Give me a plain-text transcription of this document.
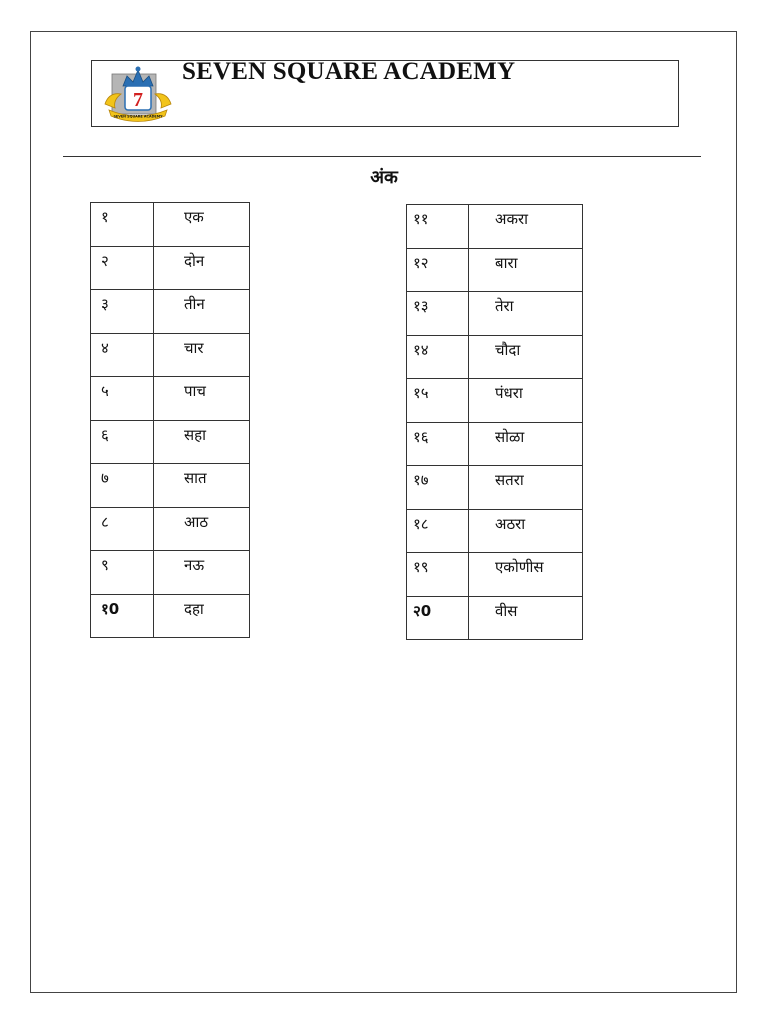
7
SEVEN SQUARE ACADEMY
SEVEN SQUARE ACADEMY
अंक
१	एक
२	दोन
३	तीन
४	चार
५	पाच
६	सहा
७	सात
८	आठ
९	नऊ
१0	दहा
११	अकरा
१२	बारा
१३	तेरा
१४	चौदा
१५	पंधरा
१६	सोळा
१७	सतरा
१८	अठरा
१९	एकोणीस
२0	वीस
